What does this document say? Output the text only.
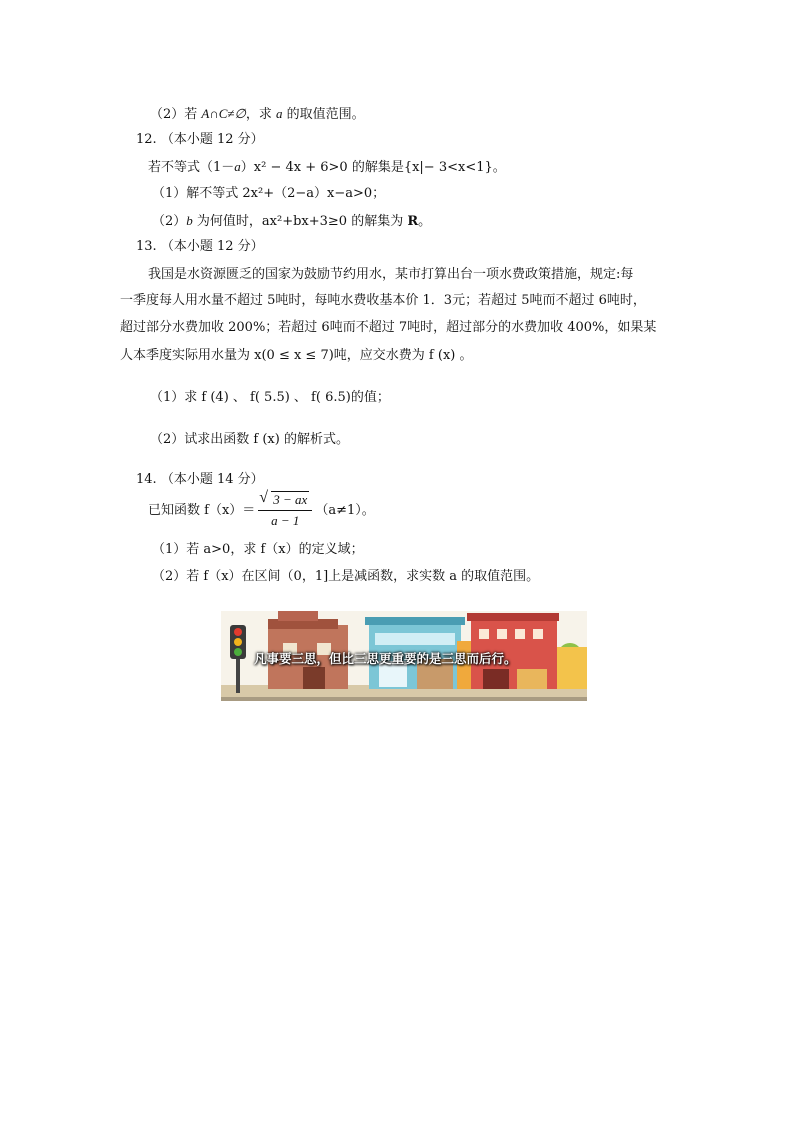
（2）若 A∩C≠∅，求 a 的取值范围。
12. （本小题 12 分）
若不等式（1－a）x² − 4x + 6>0 的解集是{x|− 3<x<1}。
（1）解不等式 2x²+（2−a）x−a>0；
（2）b 为何值时，ax²+bx+3≥0 的解集为 R。
13. （本小题 12 分）
我国是水资源匮乏的国家为鼓励节约用水，某市打算出台一项水费政策措施，规定:每
一季度每人用水量不超过 5吨时，每吨水费收基本价 1．3元；若超过 5吨而不超过 6吨时，
超过部分水费加收 200%；若超过 6吨而不超过 7吨时，超过部分的水费加收 400%，如果某
人本季度实际用水量为 x(0 ≤ x ≤ 7)吨，应交水费为 f (x) 。
（1）求 f (4) 、 f( 5.5) 、 f( 6.5)的值；
（2）试求出函数 f (x) 的解析式。
14. （本小题 14 分）
已知函数 f（x）＝
√ $\frac{3 - ax}{a - 1} (a\ne 1)$。
（1）若 a>0，求 f（x）的定义域；
（2）若 f（x）在区间（0，1]上是减函数，求实数 a 的取值范围。
凡事要三思，但比三思更重要的是三思而后行。
